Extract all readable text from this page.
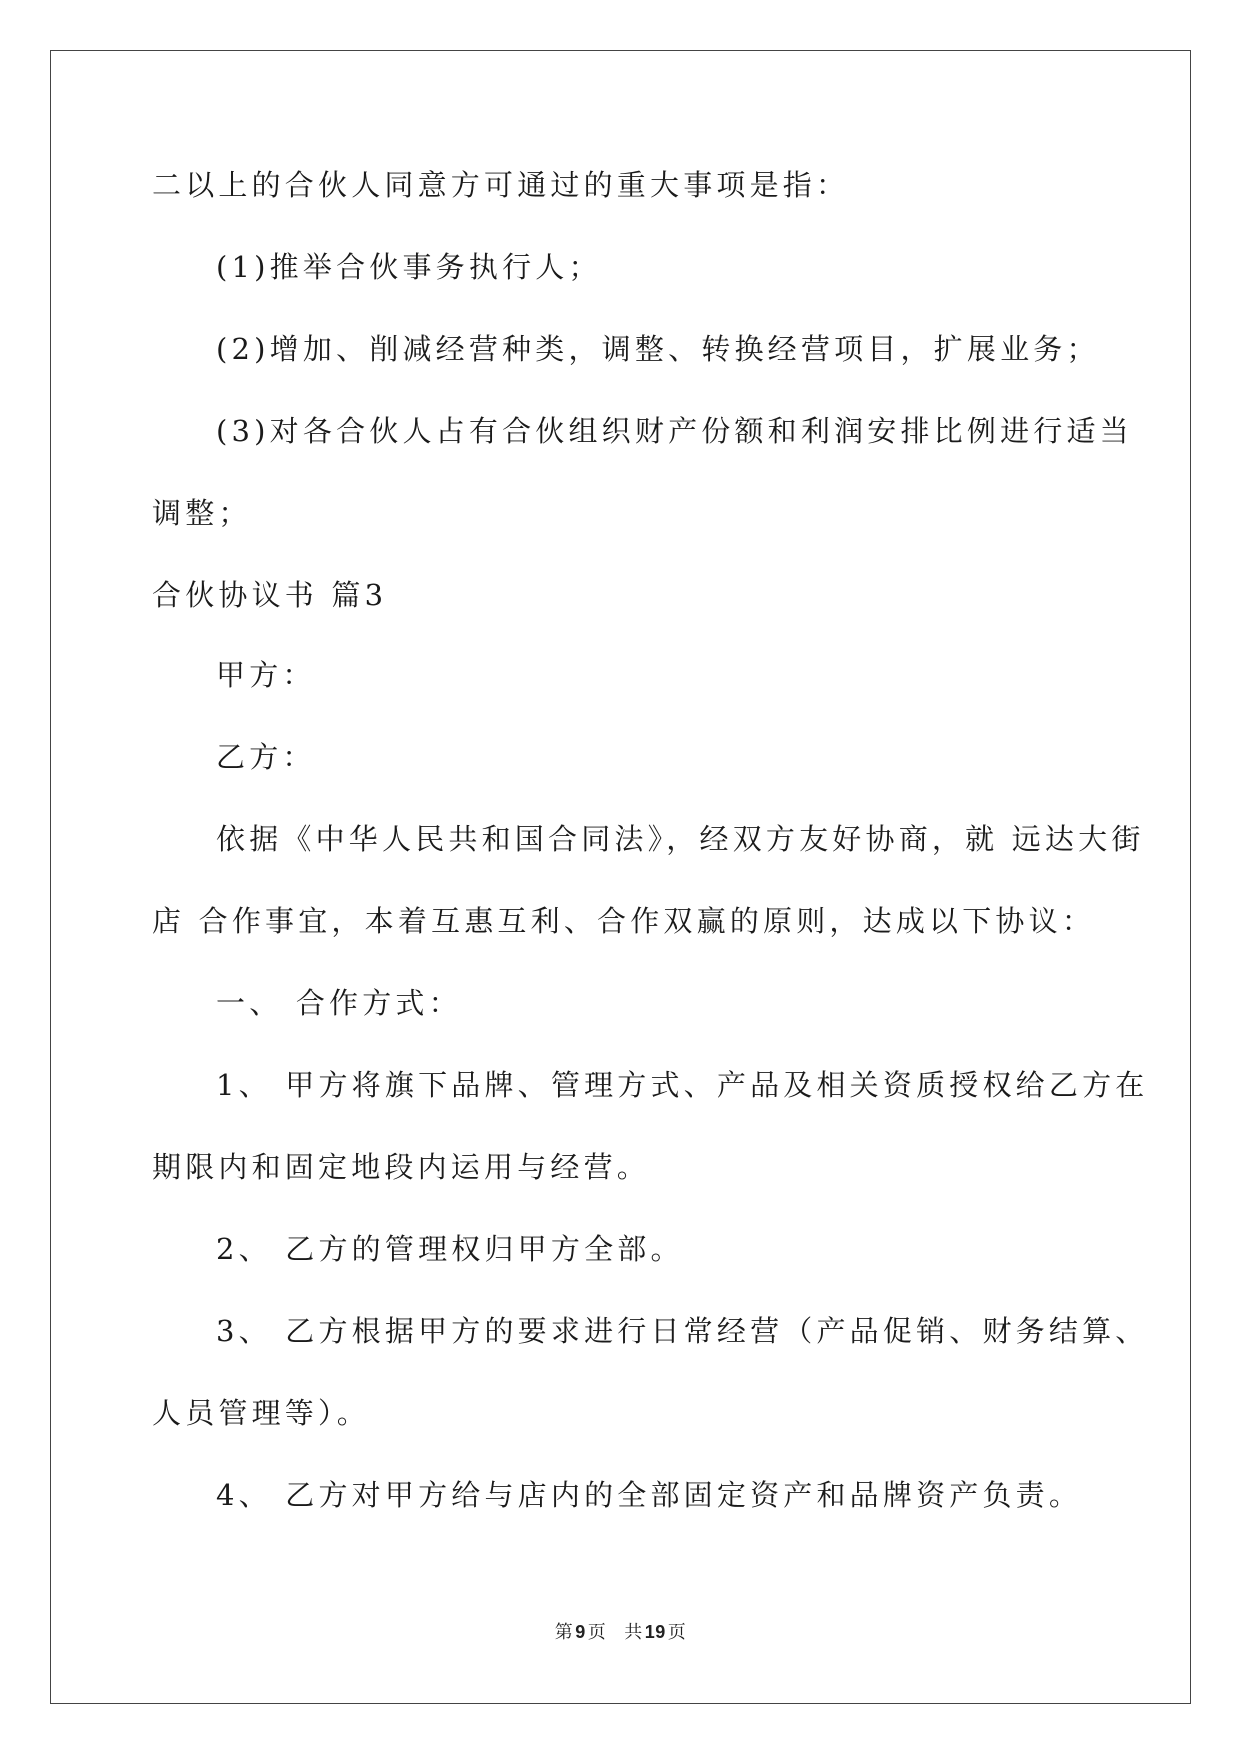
二以上的合伙人同意方可通过的重大事项是指：
(1)推举合伙事务执行人；
(2)增加、削减经营种类，调整、转换经营项目，扩展业务；
(3)对各合伙人占有合伙组织财产份额和利润安排比例进行适当
调整；
合伙协议书 篇3
甲方：
乙方：
依据《中华人民共和国合同法》，经双方友好协商，就 远达大街
店 合作事宜，本着互惠互利、合作双赢的原则，达成以下协议：
一、 合作方式：
1、 甲方将旗下品牌、管理方式、产品及相关资质授权给乙方在
期限内和固定地段内运用与经营。
2、 乙方的管理权归甲方全部。
3、 乙方根据甲方的要求进行日常经营（产品促销、财务结算、
人员管理等）。
4、 乙方对甲方给与店内的全部固定资产和品牌资产负责。
第 9 页 共 19 页
